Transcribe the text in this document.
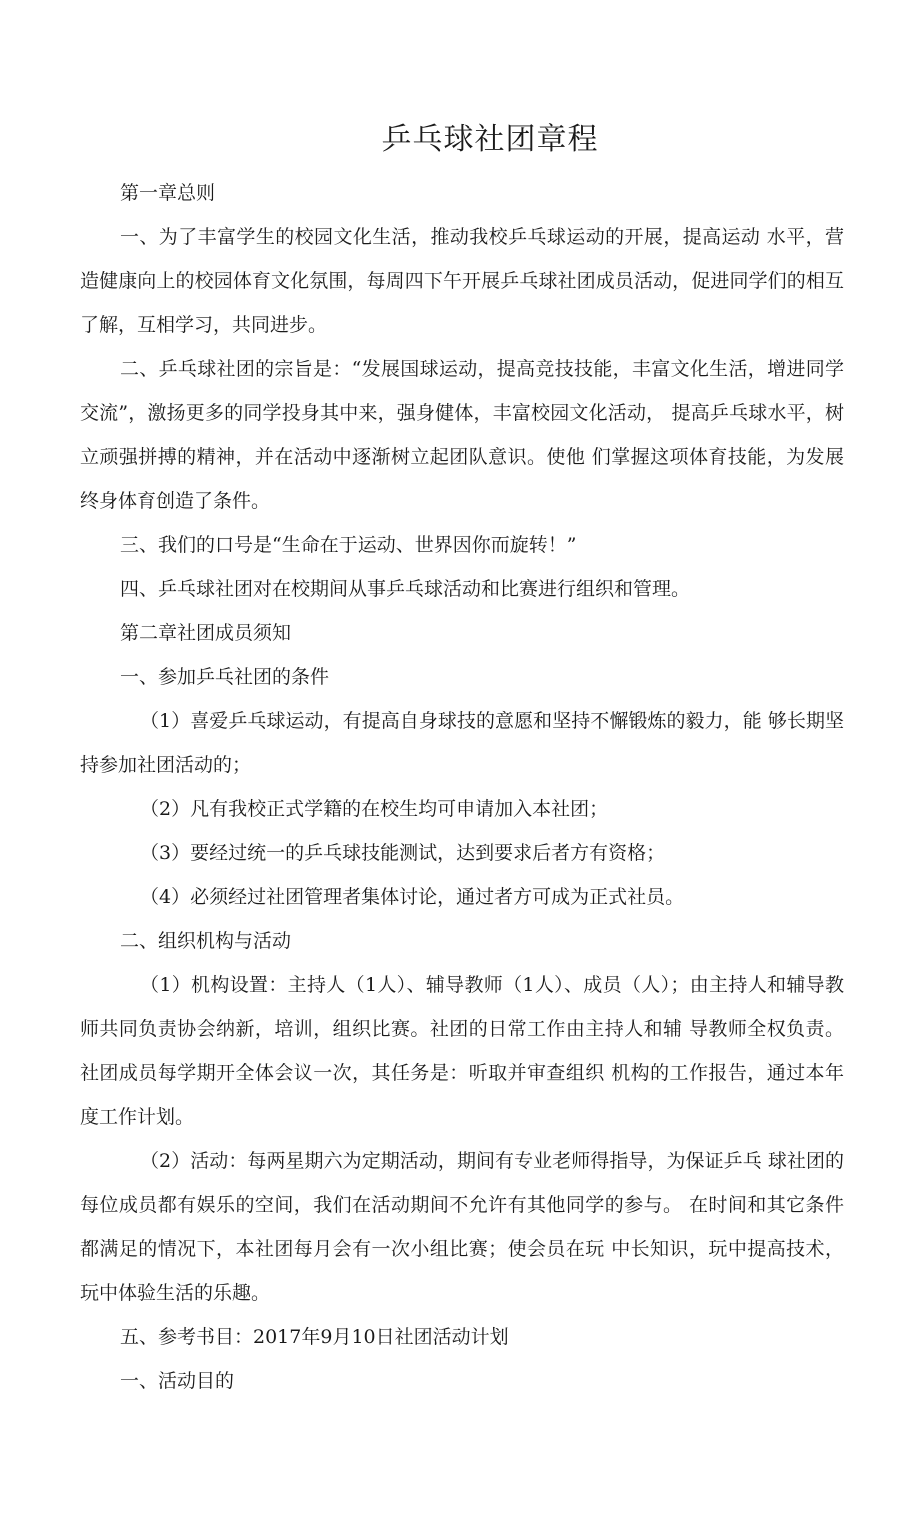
乒乓球社团章程

第一章总则

一、为了丰富学生的校园文化生活，推动我校乒乓球运动的开展，提高运动 水平，营造健康向上的校园体育文化氛围，每周四下午开展乒乓球社团成员活动，促进同学们的相互了解，互相学习，共同进步。

二、乒乓球社团的宗旨是：“发展国球运动，提高竞技技能，丰富文化生活，增进同学交流”，激扬更多的同学投身其中来，强身健体，丰富校园文化活动， 提高乒乓球水平，树立顽强拼搏的精神，并在活动中逐渐树立起团队意识。使他 们掌握这项体育技能，为发展终身体育创造了条件。

三、我们的口号是“生命在于运动、世界因你而旋转！”

四、乒乓球社团对在校期间从事乒乓球活动和比赛进行组织和管理。

第二章社团成员须知

一、参加乒乓社团的条件

（1）喜爱乒乓球运动，有提高自身球技的意愿和坚持不懈锻炼的毅力，能 够长期坚持参加社团活动的；

（2）凡有我校正式学籍的在校生均可申请加入本社团；

（3）要经过统一的乒乓球技能测试，达到要求后者方有资格；

（4）必须经过社团管理者集体讨论，通过者方可成为正式社员。

二、组织机构与活动

（1）机构设置：主持人（1人）、辅导教师（1人）、成员（人）；由主持人和辅导教师共同负责协会纳新，培训，组织比赛。社团的日常工作由主持人和辅 导教师全权负责。社团成员每学期开全体会议一次，其任务是：听取并审查组织 机构的工作报告，通过本年度工作计划。

（2）活动：每两星期六为定期活动，期间有专业老师得指导，为保证乒乓 球社团的每位成员都有娱乐的空间，我们在活动期间不允许有其他同学的参与。 在时间和其它条件都满足的情况下，本社团每月会有一次小组比赛；使会员在玩 中长知识，玩中提高技术，玩中体验生活的乐趣。

五、参考书目：2017年9月10日社团活动计划

一、活动目的
